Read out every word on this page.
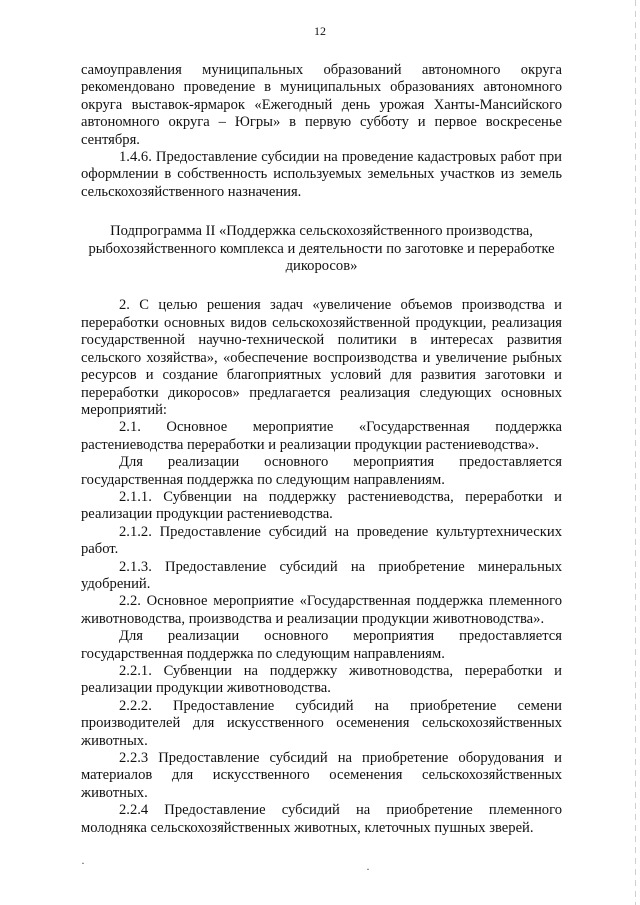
12

самоуправления муниципальных образований автономного округа рекомендовано проведение в муниципальных образованиях автономного округа выставок-ярмарок «Ежегодный день урожая Ханты-Мансийского автономного округа – Югры» в первую субботу и первое воскресенье сентября.

1.4.6. Предоставление субсидии на проведение кадастровых работ при оформлении в собственность используемых земельных участков из земель сельскохозяйственного назначения.

Подпрограмма II «Поддержка сельскохозяйственного производства, рыбохозяйственного комплекса и деятельности по заготовке и переработке дикоросов»

2. С целью решения задач «увеличение объемов производства и переработки основных видов сельскохозяйственной продукции, реализация государственной научно-технической политики в интересах развития сельского хозяйства», «обеспечение воспроизводства и увеличение рыбных ресурсов и создание благоприятных условий для развития заготовки и переработки дикоросов» предлагается реализация следующих основных мероприятий:

2.1. Основное мероприятие «Государственная поддержка растениеводства переработки и реализации продукции растениеводства».

Для реализации основного мероприятия предоставляется государственная поддержка по следующим направлениям.

2.1.1. Субвенции на поддержку растениеводства, переработки и реализации продукции растениеводства.

2.1.2. Предоставление субсидий на проведение культуртехнических работ.

2.1.3. Предоставление субсидий на приобретение минеральных удобрений.

2.2. Основное мероприятие «Государственная поддержка племенного животноводства, производства и реализации продукции животноводства».

Для реализации основного мероприятия предоставляется государственная поддержка по следующим направлениям.

2.2.1. Субвенции на поддержку животноводства, переработки и реализации продукции животноводства.

2.2.2. Предоставление субсидий на приобретение семени производителей для искусственного осеменения сельскохозяйственных животных.

2.2.3 Предоставление субсидий на приобретение оборудования и материалов для искусственного осеменения сельскохозяйственных животных.

2.2.4 Предоставление субсидий на приобретение племенного молодняка сельскохозяйственных животных, клеточных пушных зверей.

·	·
